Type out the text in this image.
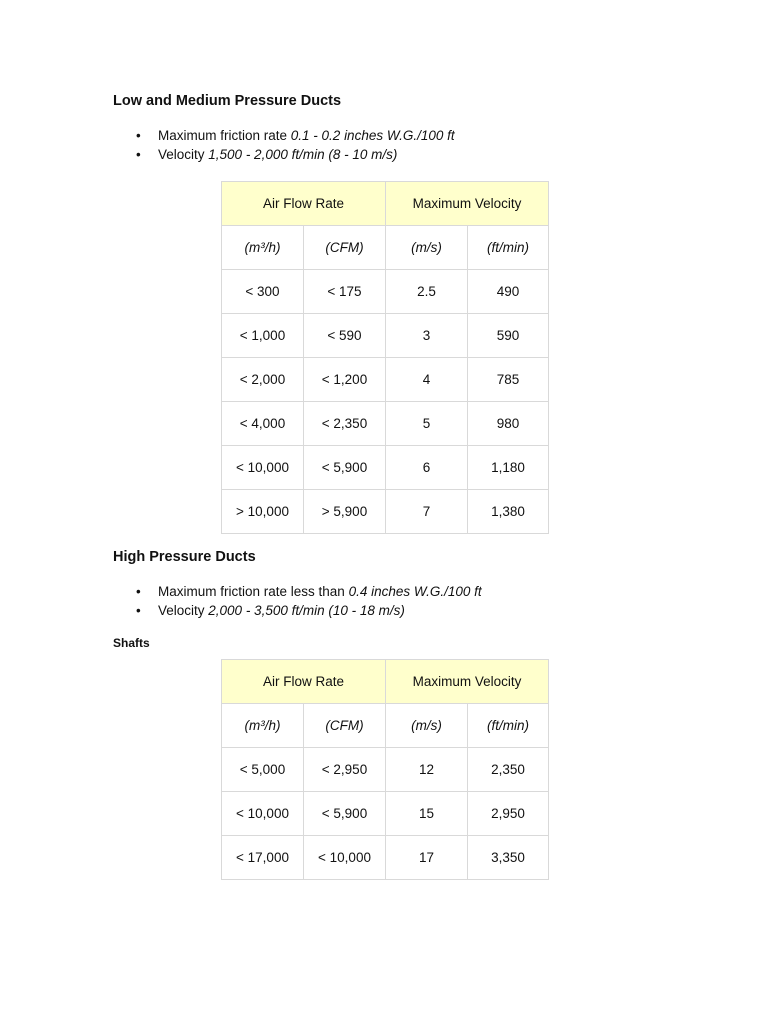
Low and Medium Pressure Ducts
• Maximum friction rate 0.1 - 0.2 inches W.G./100 ft
• Velocity 1,500 - 2,000 ft/min (8 - 10 m/s)
Air Flow Rate		Maximum Velocity	
(m³/h)	(CFM)	(m/s)	(ft/min)
< 300	< 175	2.5	490
< 1,000	< 590	3	590
< 2,000	< 1,200	4	785
< 4,000	< 2,350	5	980
< 10,000	< 5,900	6	1,180
> 10,000	> 5,900	7	1,380
High Pressure Ducts
• Maximum friction rate less than 0.4 inches W.G./100 ft
• Velocity 2,000 - 3,500 ft/min (10 - 18 m/s)
Shafts
Air Flow Rate		Maximum Velocity	
(m³/h)	(CFM)	(m/s)	(ft/min)
< 5,000	< 2,950	12	2,350
< 10,000	< 5,900	15	2,950
< 17,000	< 10,000	17	3,350
